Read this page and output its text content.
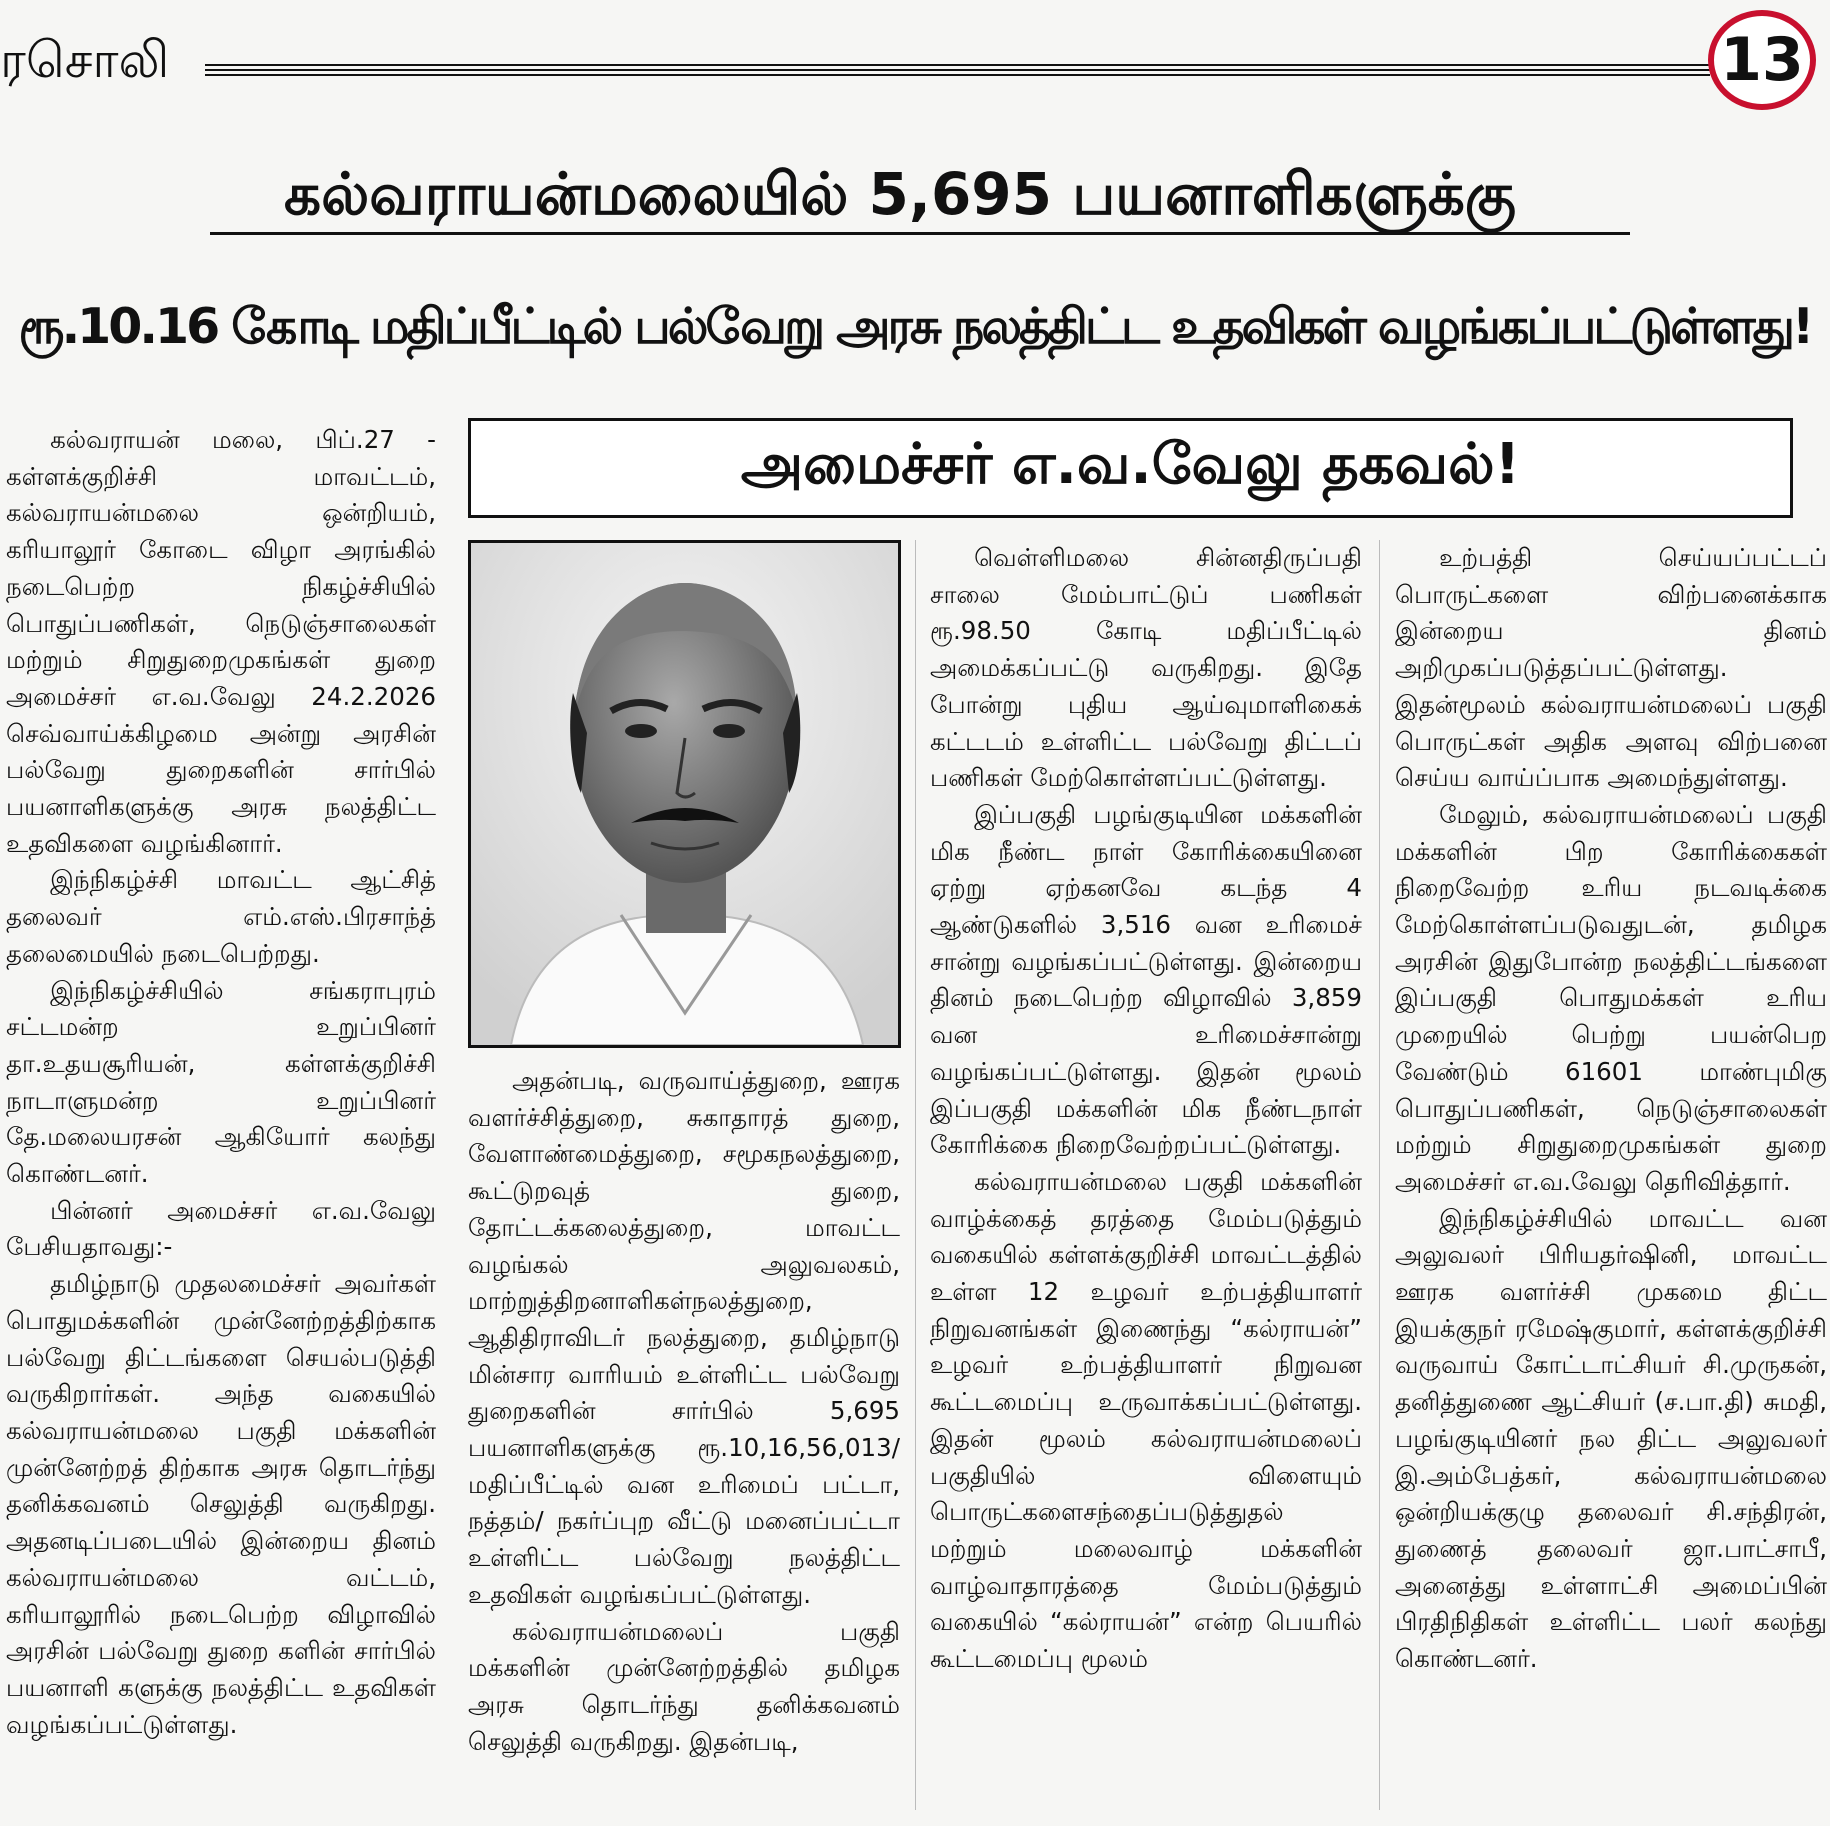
ரசொலி	13
கல்வராயன்மலையில் 5,695 பயனாளிகளுக்கு
ரூ.10.16 கோடி மதிப்பீட்டில் பல்வேறு அரசு நலத்திட்ட உதவிகள் வழங்கப்பட்டுள்ளது!
அமைச்சர் எ.வ.வேலு தகவல்!

கல்வராயன் மலை, பிப்.27 - கள்ளக்குறிச்சி மாவட்டம், கல்வராயன்மலை ஒன்றியம், கரியாலூர் கோடை விழா அரங்கில் நடைபெற்ற நிகழ்ச்சியில் பொதுப்பணிகள், நெடுஞ்சாலைகள் மற்றும் சிறுதுறைமுகங்கள் துறை அமைச்சர் எ.வ.வேலு 24.2.2026 செவ்வாய்க்கிழமை அன்று அரசின் பல்வேறு துறைகளின் சார்பில் பயனாளிகளுக்கு அரசு நலத்திட்ட உதவிகளை வழங்கினார்.

இந்நிகழ்ச்சி மாவட்ட ஆட்சித் தலைவர் எம்.எஸ்.பிரசாந்த் தலைமையில் நடைபெற்றது.

இந்நிகழ்ச்சியில் சங்கராபுரம் சட்டமன்ற உறுப்பினர் தா.உதயசூரியன், கள்ளக்குறிச்சி நாடாளுமன்ற உறுப்பினர் தே.மலையரசன் ஆகியோர் கலந்து கொண்டனர்.

பின்னர் அமைச்சர் எ.வ.வேலு பேசியதாவது:-

தமிழ்நாடு முதலமைச்சர் அவர்கள் பொதுமக்களின் முன்னேற்றத்திற்காக பல்வேறு திட்டங்களை செயல்படுத்தி வருகிறார்கள். அந்த வகையில் கல்வராயன்மலை பகுதி மக்களின் முன்னேற்றத் திற்காக அரசு தொடர்ந்து தனிக்கவனம் செலுத்தி வருகிறது. அதனடிப்படையில் இன்றைய தினம் கல்வராயன்மலை வட்டம், கரியாலூரில் நடைபெற்ற விழாவில் அரசின் பல்வேறு துறை களின் சார்பில் பயனாளி களுக்கு நலத்திட்ட உதவிகள் வழங்கப்பட்டுள்ளது.

அதன்படி, வருவாய்த்துறை, ஊரக வளர்ச்சித்துறை, சுகாதாரத் துறை, வேளாண்மைத்துறை, சமூகநலத்துறை, கூட்டுறவுத் துறை, தோட்டக்கலைத்துறை, மாவட்ட வழங்கல் அலுவலகம், மாற்றுத்திறனாளிகள்நலத்துறை, ஆதிதிராவிடர் நலத்துறை, தமிழ்நாடு மின்சார வாரியம் உள்ளிட்ட பல்வேறு துறைகளின் சார்பில் 5,695 பயனாளிகளுக்கு ரூ.10,16,56,013/ மதிப்பீட்டில் வன உரிமைப் பட்டா, நத்தம்/ நகர்ப்புற வீட்டு மனைப்பட்டா உள்ளிட்ட பல்வேறு நலத்திட்ட உதவிகள் வழங்கப்பட்டுள்ளது.

கல்வராயன்மலைப் பகுதி மக்களின் முன்னேற்றத்தில் தமிழக அரசு தொடர்ந்து தனிக்கவனம் செலுத்தி வருகிறது. இதன்படி,

வெள்ளிமலை சின்னதிருப்பதி சாலை மேம்பாட்டுப் பணிகள் ரூ.98.50 கோடி மதிப்பீட்டில் அமைக்கப்பட்டு வருகிறது. இதே போன்று புதிய ஆய்வுமாளிகைக் கட்டடம் உள்ளிட்ட பல்வேறு திட்டப் பணிகள் மேற்கொள்ளப்பட்டுள்ளது.

இப்பகுதி பழங்குடியின மக்களின் மிக நீண்ட நாள் கோரிக்கையினை ஏற்று ஏற்கனவே கடந்த 4 ஆண்டுகளில் 3,516 வன உரிமைச் சான்று வழங்கப்பட்டுள்ளது. இன்றைய தினம் நடைபெற்ற விழாவில் 3,859 வன உரிமைச்சான்று வழங்கப்பட்டுள்ளது. இதன் மூலம் இப்பகுதி மக்களின் மிக நீண்டநாள் கோரிக்கை நிறைவேற்றப்பட்டுள்ளது.

கல்வராயன்மலை பகுதி மக்களின் வாழ்க்கைத் தரத்தை மேம்படுத்தும் வகையில் கள்ளக்குறிச்சி மாவட்டத்தில் உள்ள 12 உழவர் உற்பத்தியாளர் நிறுவனங்கள் இணைந்து “கல்ராயன்” உழவர் உற்பத்தியாளர் நிறுவன கூட்டமைப்பு உருவாக்கப்பட்டுள்ளது. இதன் மூலம் கல்வராயன்மலைப் பகுதியில் விளையும் பொருட்களைசந்தைப்படுத்துதல் மற்றும் மலைவாழ் மக்களின் வாழ்வாதாரத்தை மேம்படுத்தும் வகையில் “கல்ராயன்” என்ற பெயரில் கூட்டமைப்பு மூலம்

உற்பத்தி செய்யப்பட்டப் பொருட்களை விற்பனைக்காக இன்றைய தினம் அறிமுகப்படுத்தப்பட்டுள்ளது. இதன்மூலம் கல்வராயன்மலைப் பகுதி பொருட்கள் அதிக அளவு விற்பனை செய்ய வாய்ப்பாக அமைந்துள்ளது.

மேலும், கல்வராயன்மலைப் பகுதி மக்களின் பிற கோரிக்கைகள் நிறைவேற்ற உரிய நடவடிக்கை மேற்கொள்ளப்படுவதுடன், தமிழக அரசின் இதுபோன்ற நலத்திட்டங்களை இப்பகுதி பொதுமக்கள் உரிய முறையில் பெற்று பயன்பெற வேண்டும் 61601 மாண்புமிகு பொதுப்பணிகள், நெடுஞ்சாலைகள் மற்றும் சிறுதுறைமுகங்கள் துறை அமைச்சர் எ.வ.வேலு தெரிவித்தார்.

இந்நிகழ்ச்சியில் மாவட்ட வன அலுவலர் பிரியதர்ஷினி, மாவட்ட ஊரக வளர்ச்சி முகமை திட்ட இயக்குநர் ரமேஷ்குமார், கள்ளக்குறிச்சி வருவாய் கோட்டாட்சியர் சி.முருகன், தனித்துணை ஆட்சியர் (ச.பா.தி) சுமதி, பழங்குடியினர் நல திட்ட அலுவலர் இ.அம்பேத்கர், கல்வராயன்மலை ஒன்றியக்குழு தலைவர் சி.சந்திரன், துணைத் தலைவர் ஜா.பாட்சாபீ, அனைத்து உள்ளாட்சி அமைப்பின் பிரதிநிதிகள் உள்ளிட்ட பலர் கலந்து கொண்டனர்.
